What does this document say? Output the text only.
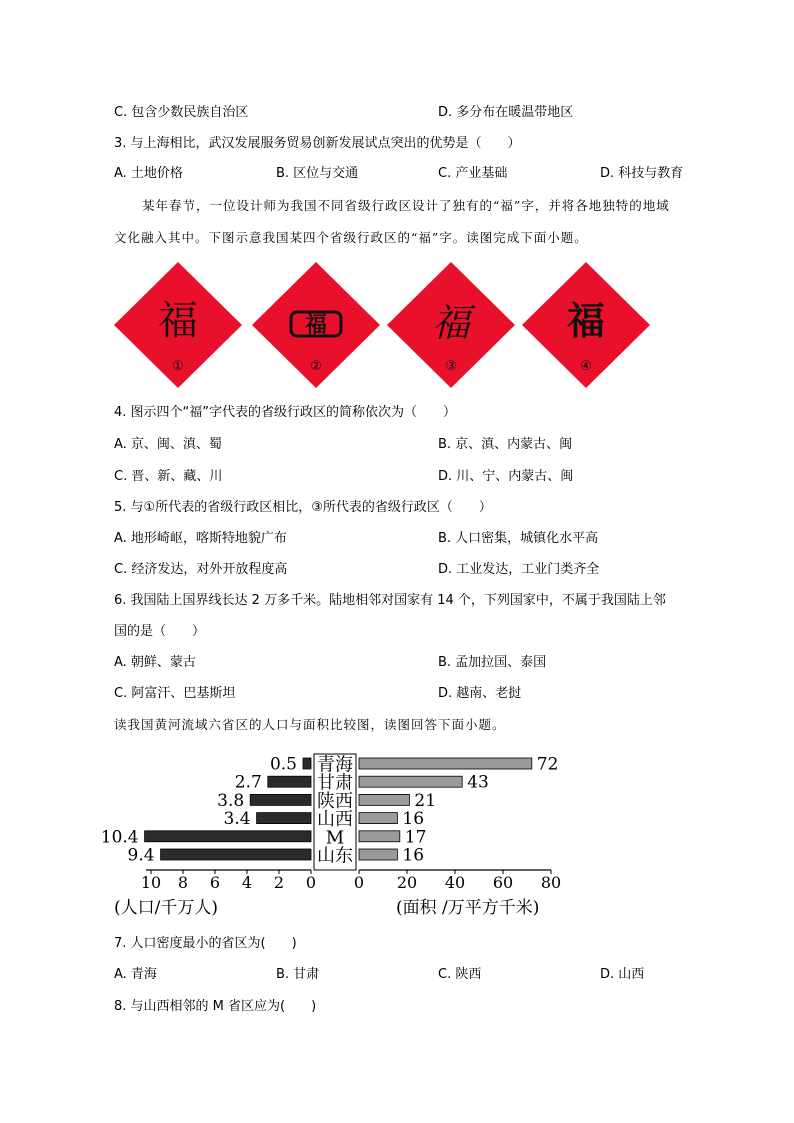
C. 包含少数民族自治区	D. 多分布在暖温带地区
3. 与上海相比，武汉发展服务贸易创新发展试点突出的优势是（　　）
A. 土地价格	B. 区位与交通	C. 产业基础	D. 科技与教育
某年春节，一位设计师为我国不同省级行政区设计了独有的“福”字，并将各地独特的地域
文化融入其中。下图示意我国某四个省级行政区的“福”字。读图完成下面小题。
福
①
福
②
福
③
福
④
4. 图示四个“福”字代表的省级行政区的简称依次为（　　）
A. 京、闽、滇、蜀	B. 京、滇、内蒙古、闽
C. 晋、新、藏、川	D. 川、宁、内蒙古、闽
5. 与①所代表的省级行政区相比，③所代表的省级行政区（　　）
A. 地形崎岖，喀斯特地貌广布	B. 人口密集，城镇化水平高
C. 经济发达，对外开放程度高	D. 工业发达，工业门类齐全
6. 我国陆上国界线长达 2 万多千米。陆地相邻对国家有 14 个，下列国家中，不属于我国陆上邻
国的是（　　）
A. 朝鲜、蒙古	B. 孟加拉国、泰国
C. 阿富汗、巴基斯坦	D. 越南、老挝
读我国黄河流域六省区的人口与面积比较图，读图回答下面小题。
0.5	72
青海
2.7	43
甘肃
3.8	21
陕西
3.4	16
山西
10.4	17
M
9.4	16
山东
10 8 6 4 2 0 0 20 40 60 80
(人口/千万人)	(面积 /万平方千米)
7. 人口密度最小的省区为(　　)
A. 青海	B. 甘肃	C. 陕西	D. 山西
8. 与山西相邻的 M 省区应为(　　)
